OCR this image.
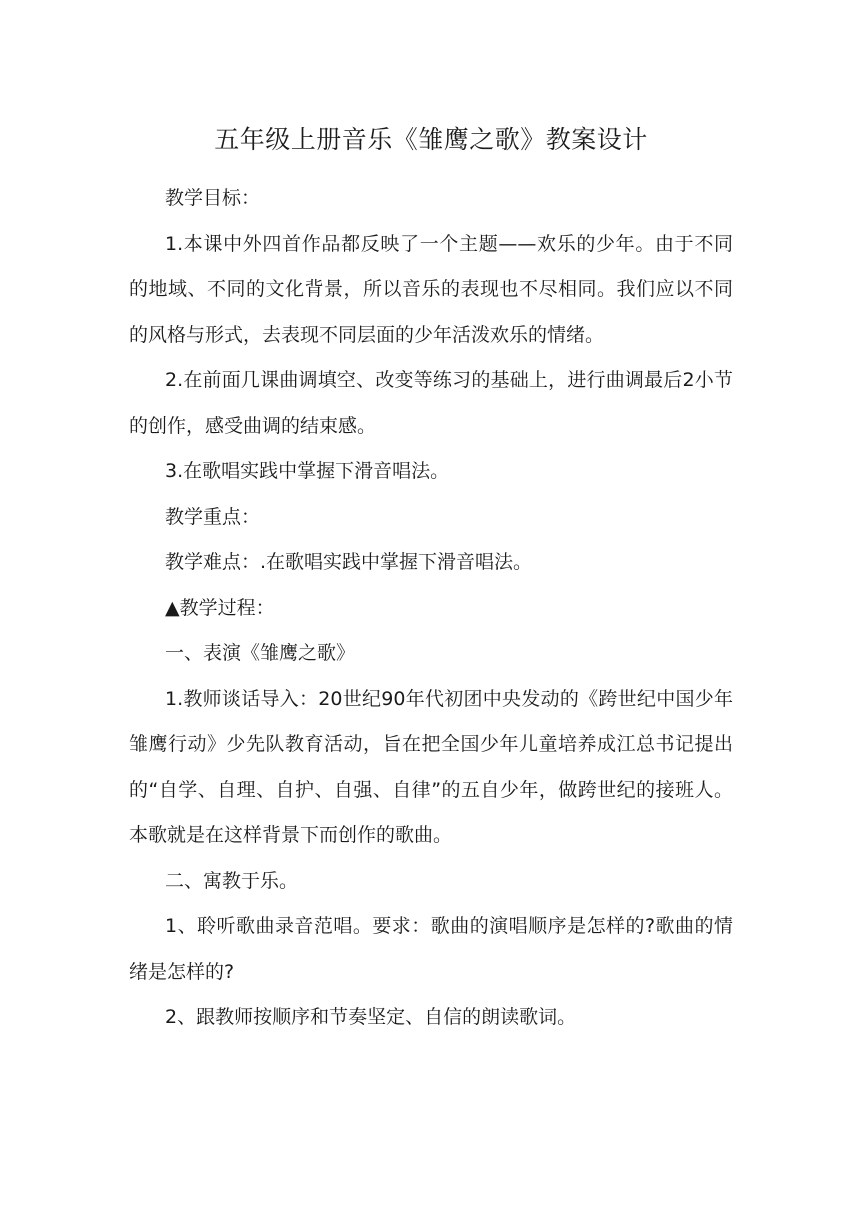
五年级上册音乐《雏鹰之歌》教案设计

教学目标：

1.本课中外四首作品都反映了一个主题——欢乐的少年。由于不同的地域、不同的文化背景，所以音乐的表现也不尽相同。我们应以不同的风格与形式，去表现不同层面的少年活泼欢乐的情绪。

2.在前面几课曲调填空、改变等练习的基础上，进行曲调最后2小节的创作，感受曲调的结束感。

3.在歌唱实践中掌握下滑音唱法。

教学重点：

教学难点：.在歌唱实践中掌握下滑音唱法。

▲教学过程：

一、表演《雏鹰之歌》

1.教师谈话导入：20世纪90年代初团中央发动的《跨世纪中国少年雏鹰行动》少先队教育活动，旨在把全国少年儿童培养成江总书记提出的“自学、自理、自护、自强、自律”的五自少年，做跨世纪的接班人。本歌就是在这样背景下而创作的歌曲。

二、寓教于乐。

1、聆听歌曲录音范唱。要求：歌曲的演唱顺序是怎样的?歌曲的情绪是怎样的?

2、跟教师按顺序和节奏坚定、自信的朗读歌词。
